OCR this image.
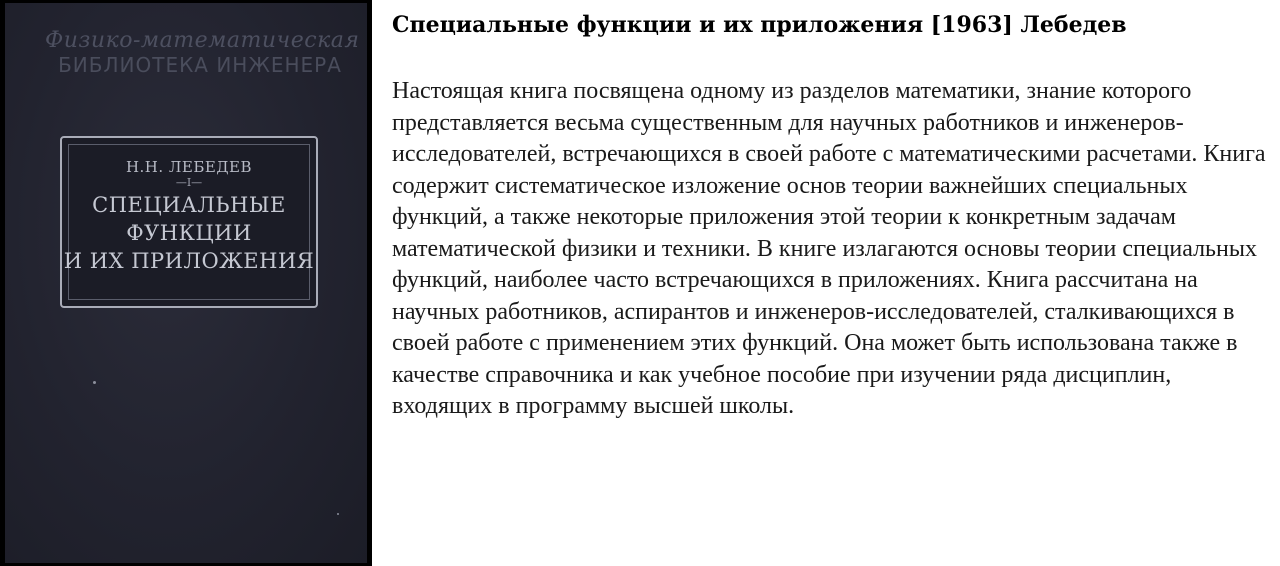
Физико-математическая
БИБЛИОТЕКА ИНЖЕНЕРА
Н.Н. ЛЕБЕДЕВ
—I—
СПЕЦИАЛЬНЫЕ
ФУНКЦИИ
И ИХ ПРИЛОЖЕНИЯ
Специальные функции и их приложения [1963] Лебедев

Настоящая книга посвящена одному из разделов математики, знание которого представляется весьма существенным для научных работников и инженеров-исследователей, встречающихся в своей работе с математическими расчетами. Книга содержит систематическое изложение основ теории важнейших специальных функций, а также некоторые приложения этой теории к конкретным задачам математической физики и техники. В книге излагаются основы теории специальных функций, наиболее часто встречающихся в приложениях. Книга рассчитана на научных работников, аспирантов и инженеров-исследователей, сталкивающихся в своей работе с применением этих функций. Она может быть использована также в качестве справочника и как учебное пособие при изучении ряда дисциплин, входящих в программу высшей школы.
